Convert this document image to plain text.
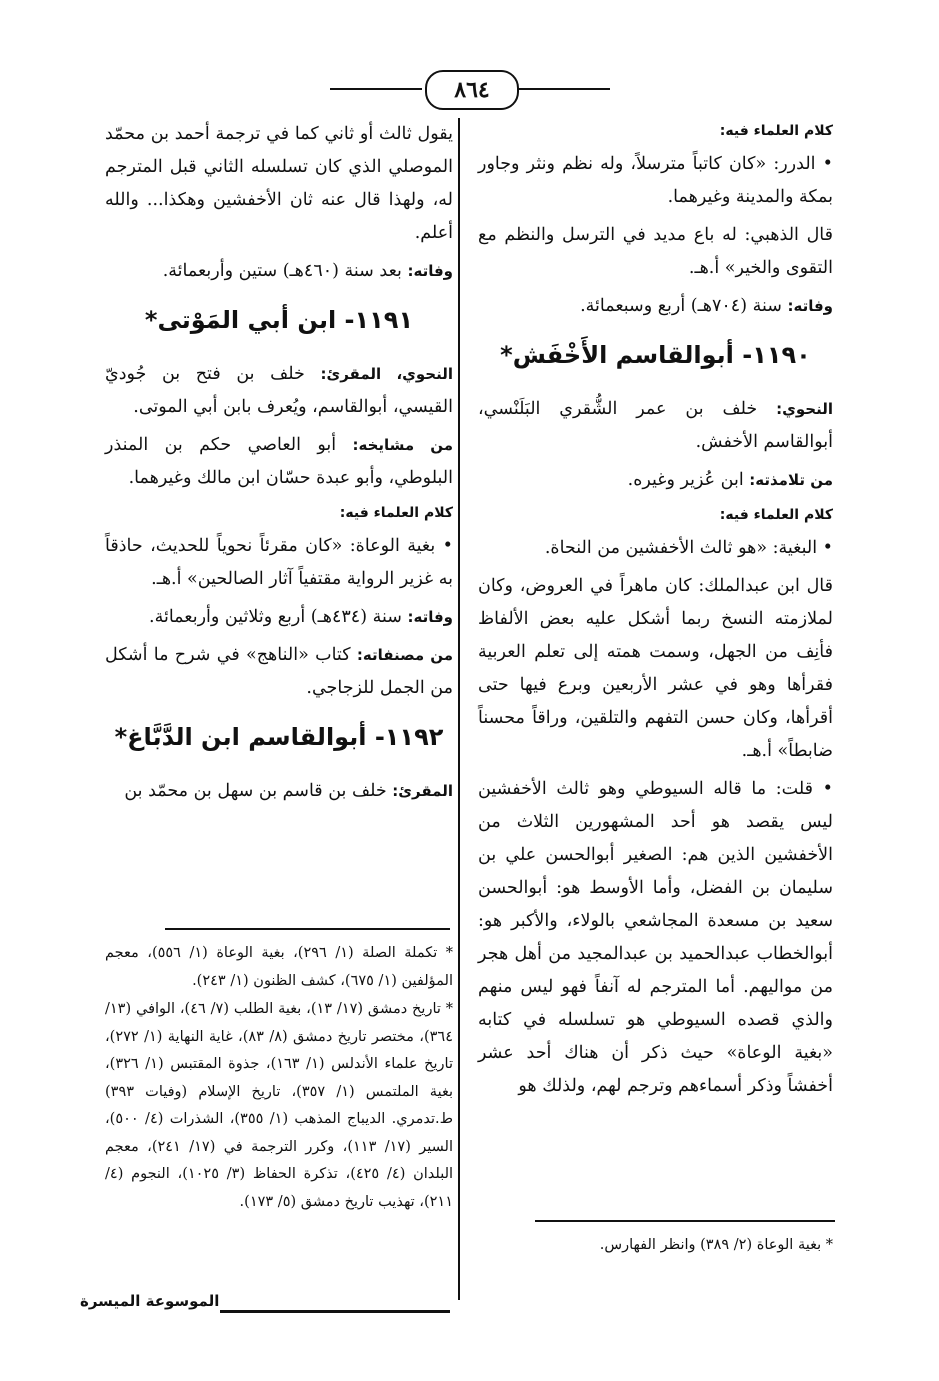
٨٦٤
كلام العلماء فيه:

• الدرر: «كان كاتباً مترسلاً، وله نظم ونثر وجاور بمكة والمدينة وغيرهما.

قال الذهبي: له باع مديد في الترسل والنظم مع التقوى والخير» أ.هـ.

وفاته: سنة (٧٠٤هـ) أربع وسبعمائة.

١١٩٠- أبوالقاسم الأَخْفَش*

النحوي: خلف بن عمر الشُّقري البَلَنْسي، أبوالقاسم الأخفش.

من تلامذته: ابن عُزير وغيره.

كلام العلماء فيه:

• البغية: «هو ثالث الأخفشين من النحاة.

قال ابن عبدالملك: كان ماهراً في العروض، وكان لملازمته النسخ ربما أشكل عليه بعض الألفاظ فأنِف من الجهل، وسمت همته إلى تعلم العربية فقرأها وهو في عشر الأربعين وبرع فيها حتى أقرأها، وكان حسن التفهم والتلقين، وراقاً محسناً ضابطاً» أ.هـ.

• قلت: ما قاله السيوطي وهو ثالث الأخفشين ليس يقصد هو أحد المشهورين الثلاث من الأخفشين الذين هم: الصغير أبوالحسن علي بن سليمان بن الفضل، وأما الأوسط هو: أبوالحسن سعيد بن مسعدة المجاشعي بالولاء، والأكبر هو: أبوالخطاب عبدالحميد بن عبدالمجيد من أهل هجر من مواليهم. أما المترجم له آنفاً فهو ليس منهم والذي قصده السيوطي هو تسلسله في كتابه «بغية الوعاة» حيث ذكر أن هناك أحد عشر أخفشاً وذكر أسماءهم وترجم لهم، ولذلك هو

* بغية الوعاة (٢/ ٣٨٩) وانظر الفهارس.

يقول ثالث أو ثاني كما في ترجمة أحمد بن محمّد الموصلي الذي كان تسلسله الثاني قبل المترجم له، ولهذا قال عنه ثان الأخفشين وهكذا... والله أعلم.

وفاته: بعد سنة (٤٦٠هـ) ستين وأربعمائة.

١١٩١- ابن أبي المَوْتى*

النحوي، المقرئ: خلف بن فتح بن جُوديّ القيسي، أبوالقاسم، ويُعرف بابن أبي الموتى.

من مشايخه: أبو العاصي حكم بن المنذر البلوطي، وأبو عبدة حسّان ابن مالك وغيرهما.

كلام العلماء فيه:

• بغية الوعاة: «كان مقرئاً نحوياً للحديث، حاذقاً به غزير الرواية مقتفياً آثار الصالحين» أ.هـ.

وفاته: سنة (٤٣٤هـ) أربع وثلاثين وأربعمائة.

من مصنفاته: كتاب «الناهج» في شرح ما أشكل من الجمل للزجاجي.

١١٩٢- أبوالقاسم ابن الدَّبَّاغ*

المقرئ: خلف بن قاسم بن سهل بن محمّد بن

* تكملة الصلة (١/ ٢٩٦)، بغية الوعاة (١/ ٥٥٦)، معجم المؤلفين (١/ ٦٧٥)، كشف الظنون (١/ ٢٤٣).
* تاريخ دمشق (١٧/ ١٣)، بغية الطلب (٧/ ٤٦)، الوافي (١٣/ ٣٦٤)، مختصر تاريخ دمشق (٨/ ٨٣)، غاية النهاية (١/ ٢٧٢)، تاريخ علماء الأندلس (١/ ١٦٣)، جذوة المقتبس (١/ ٣٢٦)، بغية الملتمس (١/ ٣٥٧)، تاريخ الإسلام (وفيات ٣٩٣) ط.تدمري. الديباج المذهب (١/ ٣٥٥)، الشذرات (٤/ ٥٠٠)، السير (١٧/ ١١٣)، وكرر الترجمة في (١٧/ ٢٤١)، معجم البلدان (٤/ ٤٢٥)، تذكرة الحفاظ (٣/ ١٠٢٥)، النجوم (٤/ ٢١١)، تهذيب تاريخ دمشق (٥/ ١٧٣).
الموسوعة الميسرة
